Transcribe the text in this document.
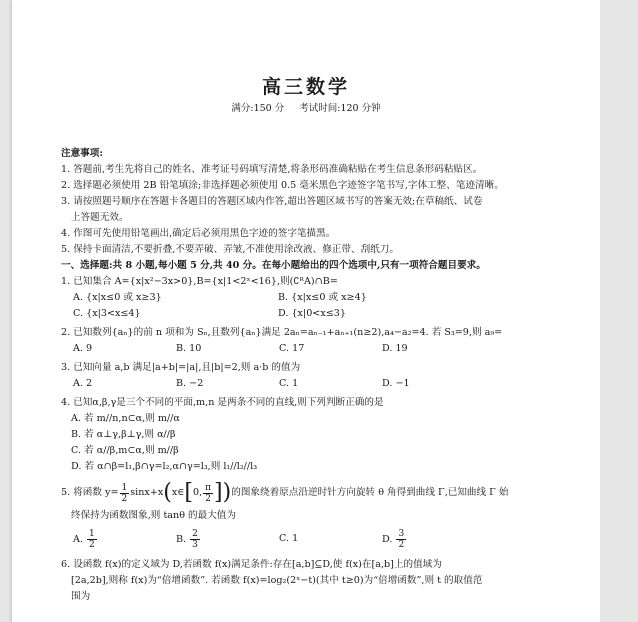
高三数学
满分:150 分 考试时间:120 分钟
注意事项:
1. 答题前,考生先将自己的姓名、准考证号码填写清楚,将条形码准确粘贴在考生信息条形码粘贴区。
2. 选择题必须使用 2B 铅笔填涂;非选择题必须使用 0.5 毫米黑色字迹签字笔书写,字体工整、笔迹清晰。
3. 请按照题号顺序在答题卡各题目的答题区域内作答,超出答题区域书写的答案无效;在草稿纸、试卷
上答题无效。
4. 作图可先使用铅笔画出,确定后必须用黑色字迹的签字笔描黑。
5. 保持卡面清洁,不要折叠,不要弄破、弄皱,不准使用涂改液、修正带、刮纸刀。
一、选择题:共 8 小题,每小题 5 分,共 40 分。在每小题给出的四个选项中,只有一项符合题目要求。
1. 已知集合 A={x|x²−3x>0},B={x|1<2ˣ<16},则(∁ᴿA)∩B=
A. {x|x≤0 或 x≥3}	B. {x|x≤0 或 x≥4}
C. {x|3<x≤4}	D. {x|0<x≤3}
2. 已知数列{aₙ}的前 n 项和为 Sₙ,且数列{aₙ}满足 2aₙ=aₙ₋₁+aₙ₊₁(n≥2),a₄−a₂=4. 若 S₃=9,则 a₉=
A. 9	B. 10	C. 17	D. 19
3. 已知向量 a,b 满足|a+b|=|a|,且|b|=2,则 a·b 的值为
A. 2	B. −2	C. 1	D. −1
4. 已知α,β,γ是三个不同的平面,m,n 是两条不同的直线,则下列判断正确的是
A. 若 m//n,n⊂α,则 m//α
B. 若 α⊥γ,β⊥γ,则 α//β
C. 若 α//β,m⊂α,则 m//β
D. 若 α∩β=l₁,β∩γ=l₂,α∩γ=l₃,则 l₁//l₂//l₃
5. 将函数 $y= \frac{1}{2} \sin x+x$ ( x∈ [ 0, $\frac{\pi}{2}$ ] ) 的图象绕着原点沿逆时针方向旋转 θ 角得到曲线 Γ,已知曲线 Γ 始
终保持为函数图象,则 tanθ 的最大值为
A. $\frac{1}{2}$	B. $\frac{2}{3}$	C. 1	D. $\frac{3}{2}$
6. 设函数 f(x)的定义域为 D,若函数 f(x)满足条件:存在[a,b]⊆D,使 f(x)在[a,b]上的值域为
[2a,2b],则称 f(x)为“倍增函数”. 若函数 f(x)=log₂(2ˣ−t)(其中 t≥0)为“倍增函数”,则 t 的取值范
围为
